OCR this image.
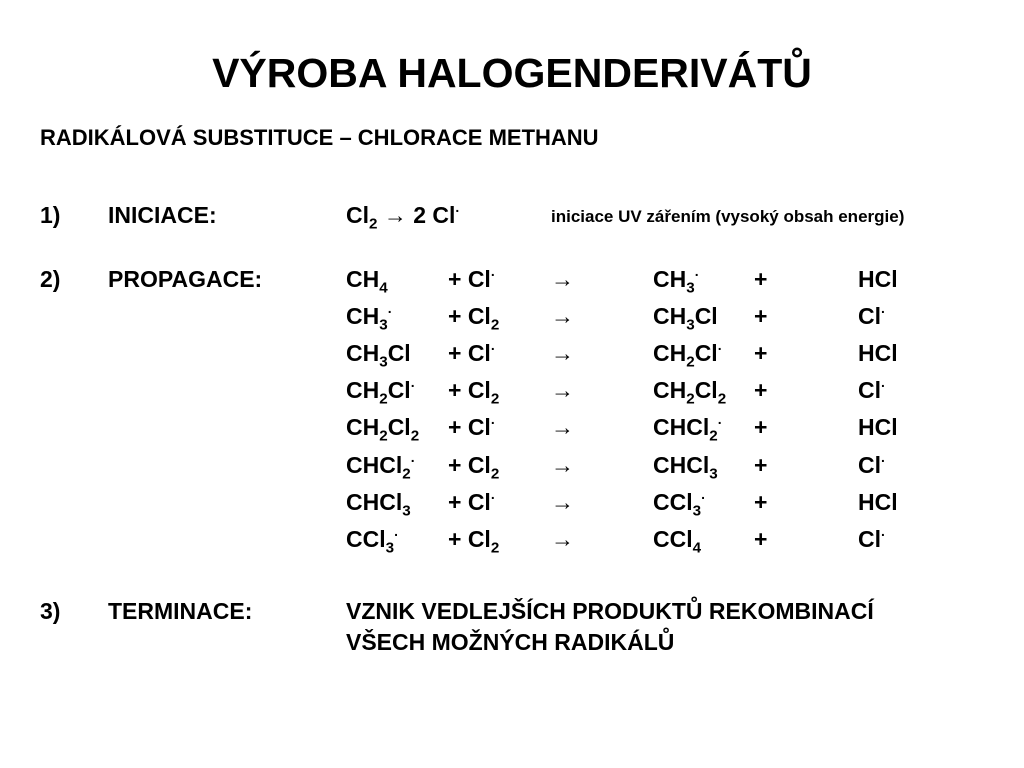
VÝROBA HALOGENDERIVÁTŮ
RADIKÁLOVÁ SUBSTITUCE – CHLORACE METHANU
1) INICIACE:	$Cl_2 \to 2$ Cl·	iniciace UV zářením (vysoký obsah energie)
2) PROPAGACE:	$CH_4$	+ Cl· →	$CH_3^\cdot$ +	HCl
$CH_3^\cdot + Cl_2$ →	$CH_3Cl$ +	Cl·
$CH_3Cl + Cl^\cdot$ →	$CH_2Cl^\cdot$ +	HCl
$CH_2Cl^\cdot + Cl_2$ →	$CH_2Cl_2$ +	Cl·
$CH_2Cl_2 + Cl^\cdot$ →	CHCl$_2$· +	HCl
CHCl$_2$· + $Cl_2$ →	CHCl$_3$ +	Cl·
CHCl$_3$ + Cl· →	CCl$_3$· +	HCl
$CCl_3^\cdot + Cl_2$ →	CCl$_4$ +	Cl·
3) TERMINACE:	VZNIK VEDLEJŠÍCH PRODUKTŮ REKOMBINACÍ
VŠECH MOŽNÝCH RADIKÁLŮ
